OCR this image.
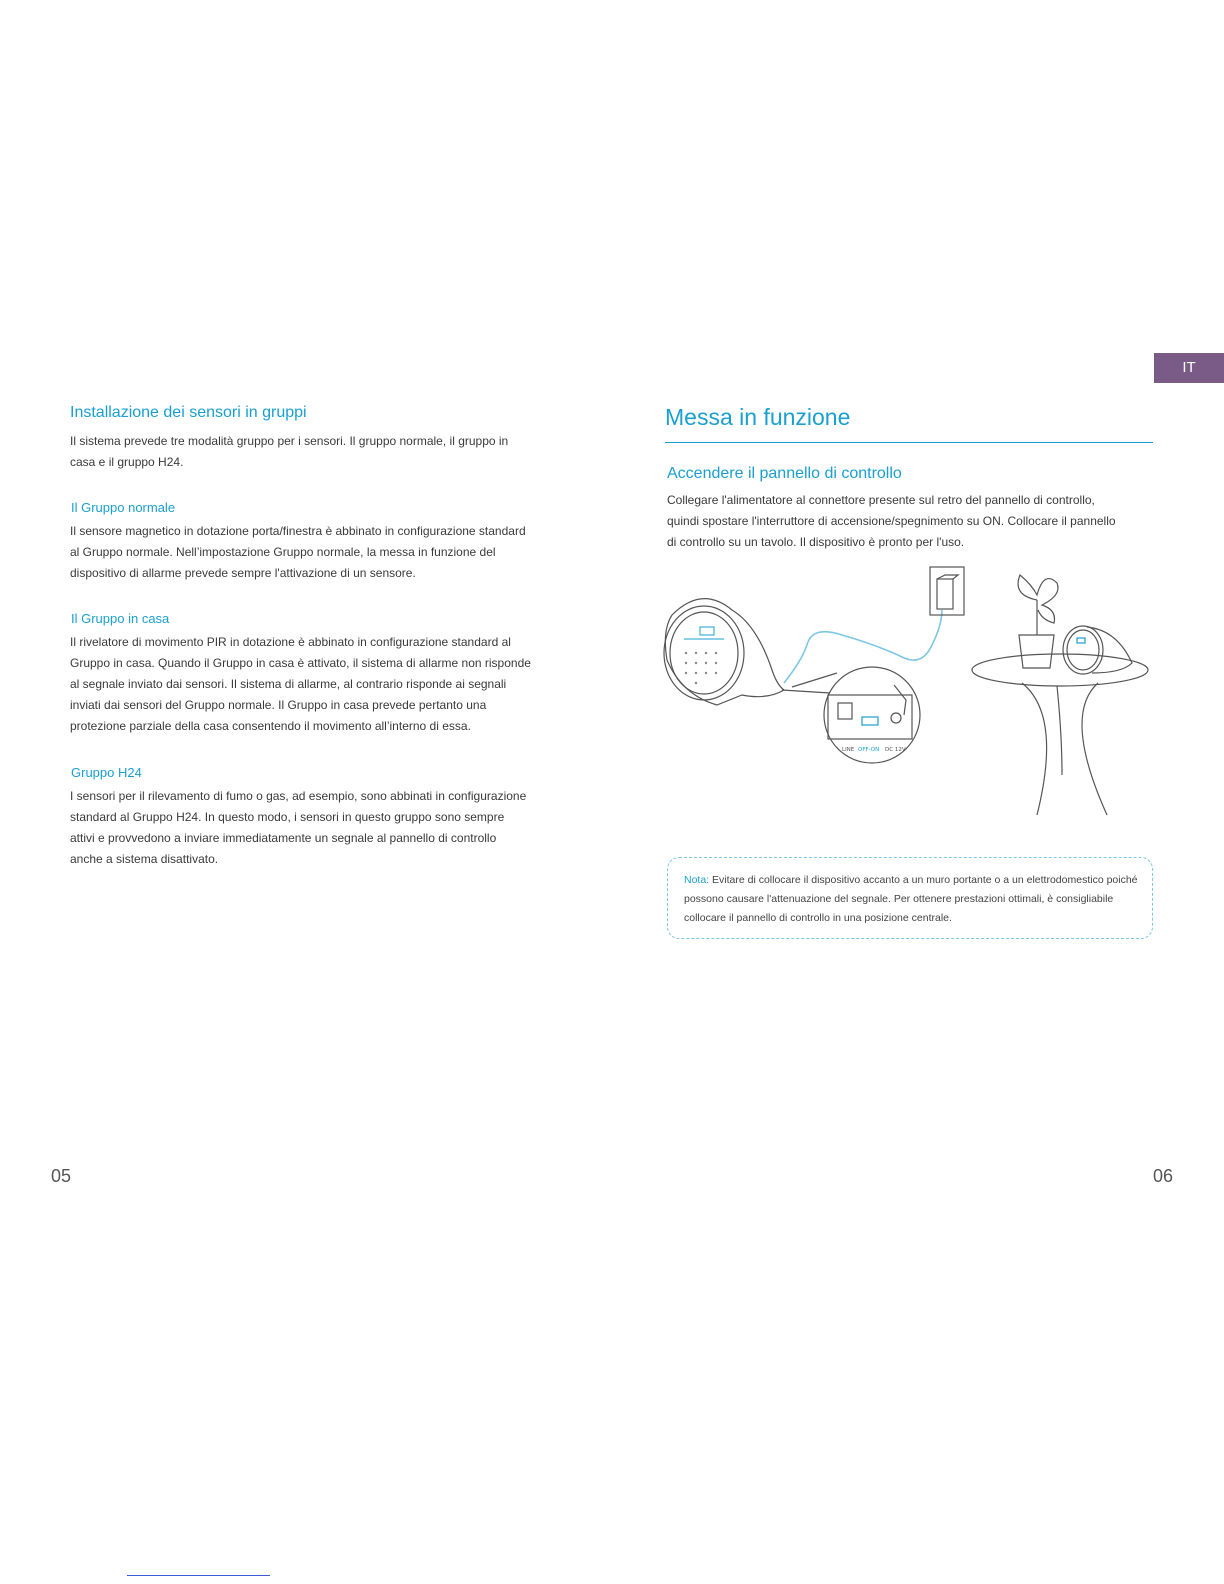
IT
Installazione dei sensori in gruppi
Il sistema prevede tre modalità gruppo per i sensori. Il gruppo normale, il gruppo in
casa e il gruppo H24.
Il Gruppo normale
Il sensore magnetico in dotazione porta/finestra è abbinato in configurazione standard
al Gruppo normale. Nell’impostazione Gruppo normale, la messa in funzione del
dispositivo di allarme prevede sempre l'attivazione di un sensore.
Il Gruppo in casa
Il rivelatore di movimento PIR in dotazione è abbinato in configurazione standard al
Gruppo in casa. Quando il Gruppo in casa è attivato, il sistema di allarme non risponde
al segnale inviato dai sensori. Il sistema di allarme, al contrario risponde ai segnali
inviati dai sensori del Gruppo normale. Il Gruppo in casa prevede pertanto una
protezione parziale della casa consentendo il movimento all’interno di essa.
Gruppo H24
I sensori per il rilevamento di fumo o gas, ad esempio, sono abbinati in configurazione
standard al Gruppo H24. In questo modo, i sensori in questo gruppo sono sempre
attivi e provvedono a inviare immediatamente un segnale al pannello di controllo
anche a sistema disattivato.
Messa in funzione
Accendere il pannello di controllo
Collegare l'alimentatore al connettore presente sul retro del pannello di controllo,
quindi spostare l'interruttore di accensione/spegnimento su ON. Collocare il pannello
di controllo su un tavolo. Il dispositivo è pronto per l'uso.
LINE OFF-ON DC 12V
Nota: Evitare di collocare il dispositivo accanto a un muro portante o a un elettrodomestico poiché possono causare l'attenuazione del segnale. Per ottenere prestazioni ottimali, è consigliabile collocare il pannello di controllo in una posizione centrale.
05	06
